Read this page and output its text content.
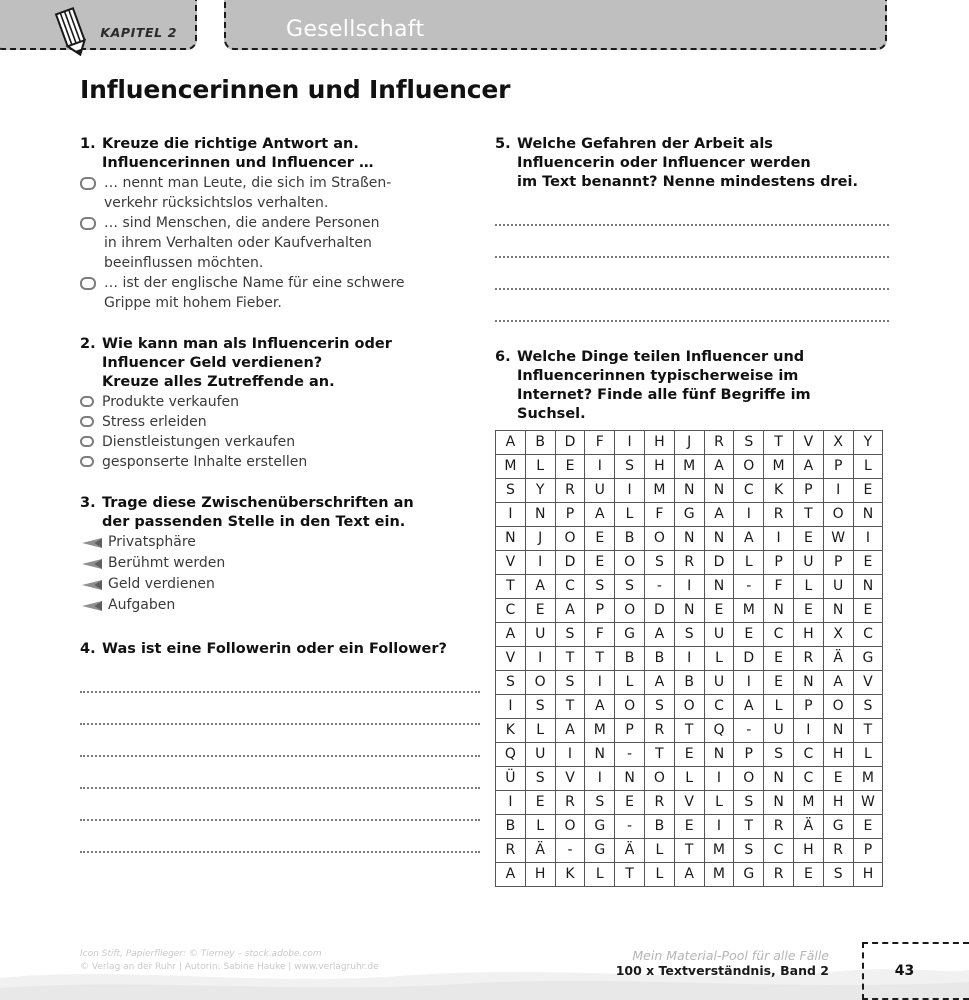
KAPITEL 2	Gesellschaft
Influencerinnen und Influencer
1. Kreuze die richtige Antwort an.
Influencerinnen und Influencer …
… nennt man Leute, die sich im Straßen-
verkehr rücksichtslos verhalten.
… sind Menschen, die andere Personen
in ihrem Verhalten oder Kaufverhalten
beeinflussen möchten.
… ist der englische Name für eine schwere
Grippe mit hohem Fieber.
2. Wie kann man als Influencerin oder
Influencer Geld verdienen?
Kreuze alles Zutreffende an.
Produkte verkaufen
Stress erleiden
Dienstleistungen verkaufen
gesponserte Inhalte erstellen
3. Trage diese Zwischenüberschriften an
der passenden Stelle in den Text ein.
Privatsphäre
Berühmt werden
Geld verdienen
Aufgaben
4. Was ist eine Followerin oder ein Follower?
5. Welche Gefahren der Arbeit als
Influencerin oder Influencer werden
im Text benannt? Nenne mindestens drei.
6. Welche Dinge teilen Influencer und
Influencerinnen typischerweise im
Internet? Finde alle fünf Begriffe im
Suchsel.
A	B	D	F	I	H	J	R	S	T	V	X	Y
M	L	E	I	S	H	M	A	O	M	A	P	L
S	Y	R	U	I	M	N	N	C	K	P	I	E
I	N	P	A	L	F	G	A	I	R	T	O	N
N	J	O	E	B	O	N	N	A	I	E	W	I
V	I	D	E	O	S	R	D	L	P	U	P	E
T	A	C	S	S	-	I	N	-	F	L	U	N
C	E	A	P	O	D	N	E	M	N	E	N	E
A	U	S	F	G	A	S	U	E	C	H	X	C
V	I	T	T	B	B	I	L	D	E	R	Ä	G
S	O	S	I	L	A	B	U	I	E	N	A	V
I	S	T	A	O	S	O	C	A	L	P	O	S
K	L	A	M	P	R	T	Q	-	U	I	N	T
Q	U	I	N	-	T	E	N	P	S	C	H	L
Ü	S	V	I	N	O	L	I	O	N	C	E	M
I	E	R	S	E	R	V	L	S	N	M	H	W
B	L	O	G	-	B	E	I	T	R	Ä	G	E
R	Ä	-	G	Ä	L	T	M	S	C	H	R	P
A	H	K	L	T	L	A	M	G	R	E	S	H
Icon Stift, Papierflieger: © Tierney – stock.adobe.com
© Verlag an der Ruhr | Autorin: Sabine Hauke | www.verlagruhr.de
Mein Material-Pool für alle Fälle
100 x Textverständnis, Band 2	43
